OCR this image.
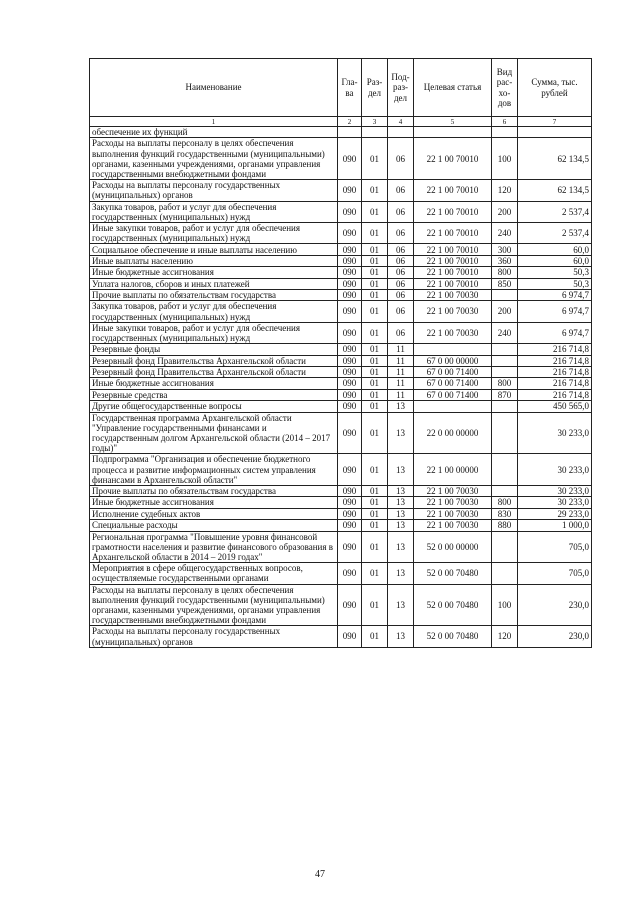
Наименование	Гла-ва	Раз-дел	Под-раз-дел	Целевая статья	Вид рас-хо-дов	Сумма, тыс. рублей
1	2	3	4	5	6	7
обеспечение их функций						
Расходы на выплаты персоналу в целях обеспечения выполнения функций государственными (муниципальными) органами, казенными учреждениями, органами управления государственными внебюджетными фондами	090	01	06	22 1 00 70010	100	62 134,5
Расходы на выплаты персоналу государственных (муниципальных) органов	090	01	06	22 1 00 70010	120	62 134,5
Закупка товаров, работ и услуг для обеспечения государственных (муниципальных) нужд	090	01	06	22 1 00 70010	200	2 537,4
Иные закупки товаров, работ и услуг для обеспечения государственных (муниципальных) нужд	090	01	06	22 1 00 70010	240	2 537,4
Социальное обеспечение и иные выплаты населению	090	01	06	22 1 00 70010	300	60,0
Иные выплаты населению	090	01	06	22 1 00 70010	360	60,0
Иные бюджетные ассигнования	090	01	06	22 1 00 70010	800	50,3
Уплата налогов, сборов и иных платежей	090	01	06	22 1 00 70010	850	50,3
Прочие выплаты по обязательствам государства	090	01	06	22 1 00 70030		6 974,7
Закупка товаров, работ и услуг для обеспечения государственных (муниципальных) нужд	090	01	06	22 1 00 70030	200	6 974,7
Иные закупки товаров, работ и услуг для обеспечения государственных (муниципальных) нужд	090	01	06	22 1 00 70030	240	6 974,7
Резервные фонды	090	01	11			216 714,8
Резервный фонд Правительства Архангельской области	090	01	11	67 0 00 00000		216 714,8
Резервный фонд Правительства Архангельской области	090	01	11	67 0 00 71400		216 714,8
Иные бюджетные ассигнования	090	01	11	67 0 00 71400	800	216 714,8
Резервные средства	090	01	11	67 0 00 71400	870	216 714,8
Другие общегосударственные вопросы	090	01	13			450 565,0
Государственная программа Архангельской области "Управление государственными финансами и государственным долгом Архангельской области (2014 – 2017 годы)"	090	01	13	22 0 00 00000		30 233,0
Подпрограмма "Организация и обеспечение бюджетного процесса и развитие информационных систем управления финансами в Архангельской области"	090	01	13	22 1 00 00000		30 233,0
Прочие выплаты по обязательствам государства	090	01	13	22 1 00 70030		30 233,0
Иные бюджетные ассигнования	090	01	13	22 1 00 70030	800	30 233,0
Исполнение судебных актов	090	01	13	22 1 00 70030	830	29 233,0
Специальные расходы	090	01	13	22 1 00 70030	880	1 000,0
Региональная программа "Повышение уровня финансовой грамотности населения и развитие финансового образования в Архангельской области в 2014 – 2019 годах"	090	01	13	52 0 00 00000		705,0
Мероприятия в сфере общегосударственных вопросов, осуществляемые государственными органами	090	01	13	52 0 00 70480		705,0
Расходы на выплаты персоналу в целях обеспечения выполнения функций государственными (муниципальными) органами, казенными учреждениями, органами управления государственными внебюджетными фондами	090	01	13	52 0 00 70480	100	230,0
Расходы на выплаты персоналу государственных (муниципальных) органов	090	01	13	52 0 00 70480	120	230,0
47
